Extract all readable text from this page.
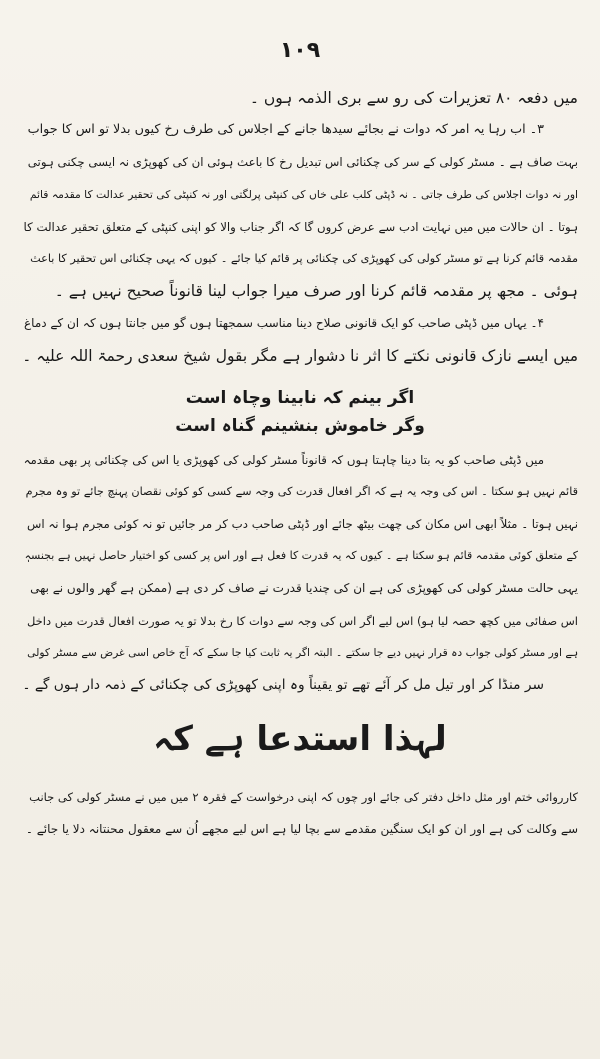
۱۰۹
میں دفعہ ۸۰ تعزیرات کی رو سے بری الذمہ ہوں ۔
۳۔ اب رہا یہ امر کہ دوات نے بجائے سیدھا جانے کے اجلاس کی طرف رخ کیوں بدلا تو اس کا جواب
بہت صاف ہے ۔ مسٹر کولی کے سر کی چکنائی اس تبدیل رخ کا باعث ہوئی ان کی کھوپڑی نہ ایسی چکنی ہوتی
اور نہ دوات اجلاس کی طرف جاتی ۔ نہ ڈپٹی کلب علی خاں کی کنپٹی پرلگتی اور نہ کنپٹی کی تحقیر عدالت کا مقدمہ قائم
ہوتا ۔ ان حالات میں میں نہایت ادب سے عرض کروں گا کہ اگر جناب والا کو اپنی کنپٹی کے متعلق تحقیر عدالت کا
مقدمہ قائم کرنا ہے تو مسٹر کولی کی کھوپڑی کی چکنائی پر قائم کیا جائے ۔ کیوں کہ یہی چکنائی اس تحقیر کا باعث
ہوئی ۔ مجھ پر مقدمہ قائم کرنا اور صرف میرا جواب لینا قانوناً صحیح نہیں ہے ۔
۴۔ یہاں میں ڈپٹی صاحب کو ایک قانونی صلاح دینا مناسب سمجھتا ہوں گو میں جانتا ہوں کہ ان کے دماغ
میں ایسے نازک قانونی نکتے کا اثر نا دشوار ہے مگر بقول شیخ سعدی رحمۃ اللہ علیہ ۔
اگر بینم کہ نابینا وچاہ است
وگر خاموش بنشینم گناہ است
میں ڈپٹی صاحب کو یہ بتا دینا چاہتا ہوں کہ قانوناً مسٹر کولی کی کھوپڑی یا اس کی چکنائی پر بھی مقدمہ
قائم نہیں ہو سکتا ۔ اس کی وجہ یہ ہے کہ اگر افعال قدرت کی وجہ سے کسی کو کوئی نقصان پہنچ جائے تو وہ مجرم
نہیں ہوتا ۔ مثلاً ابھی اس مکان کی چھت بیٹھ جائے اور ڈپٹی صاحب دب کر مر جائیں تو نہ کوئی مجرم ہوا نہ اس
کے متعلق کوئی مقدمہ قائم ہو سکتا ہے ۔ کیوں کہ یہ قدرت کا فعل ہے اور اس پر کسی کو اختیار حاصل نہیں ہے بجنسہٖ
یہی حالت مسٹر کولی کی کھوپڑی کی ہے ان کی چندیا قدرت نے صاف کر دی ہے (ممکن ہے گھر والوں نے بھی
اس صفائی میں کچھ حصہ لیا ہو) اس لیے اگر اس کی وجہ سے دوات کا رخ بدلا تو یہ صورت افعال قدرت میں داخل
ہے اور مسٹر کولی جواب دہ قرار نہیں دیے جا سکتے ۔ البتہ اگر یہ ثابت کیا جا سکے کہ آج خاص اسی غرض سے مسٹر کولی
سر منڈا کر اور تیل مل کر آئے تھے تو یقیناً وہ اپنی کھوپڑی کی چکنائی کے ذمہ دار ہوں گے ۔
لہذا استدعا ہے کہ
کارروائی ختم اور مثل داخل دفتر کی جائے اور چوں کہ اپنی درخواست کے فقرہ ۲ میں میں نے مسٹر کولی کی جانب
سے وکالت کی ہے اور ان کو ایک سنگین مقدمے سے بچا لیا ہے اس لیے مجھے اُن سے معقول محنتانہ دلا یا جائے ۔
